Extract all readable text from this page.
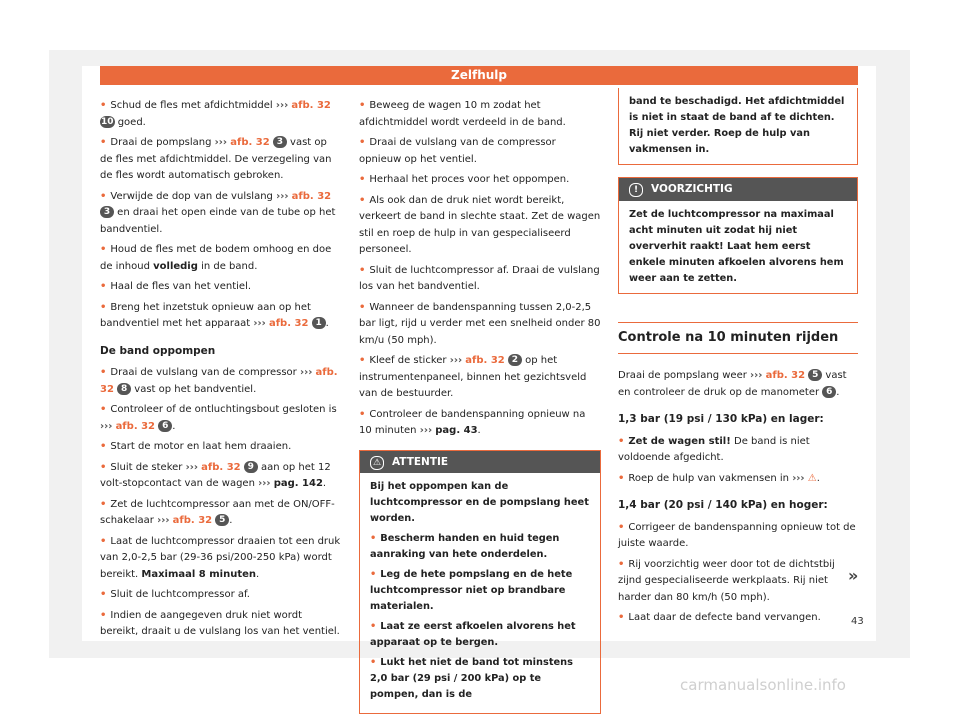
Zelfhulp

• Schud de fles met afdichtmiddel ››› afb. 32 10 goed.

• Draai de pompslang ››› afb. 32 3 vast op de fles met afdichtmiddel. De verzegeling van de fles wordt automatisch gebroken.

• Verwijde de dop van de vulslang ››› afb. 32 3 en draai het open einde van de tube op het bandventiel.

• Houd de fles met de bodem omhoog en doe de inhoud volledig in de band.

• Haal de fles van het ventiel.

• Breng het inzetstuk opnieuw aan op het bandventiel met het apparaat ››› afb. 32 1 .

De band oppompen

• Draai de vulslang van de compressor ››› afb. 32 8 vast op het bandventiel.

• Controleer of de ontluchtingsbout gesloten is ››› afb. 32 6 .

• Start de motor en laat hem draaien.

• Sluit de steker ››› afb. 32 9 aan op het 12 volt-stopcontact van de wagen ››› pag. 142.

• Zet de luchtcompressor aan met de ON/OFF-schakelaar ››› afb. 32 5 .

• Laat de luchtcompressor draaien tot een druk van 2,0-2,5 bar (29-36 psi/200-250 kPa) wordt bereikt. Maximaal 8 minuten.

• Sluit de luchtcompressor af.

• Indien de aangegeven druk niet wordt bereikt, draait u de vulslang los van het ventiel.

• Beweeg de wagen 10 m zodat het afdichtmiddel wordt verdeeld in de band.

• Draai de vulslang van de compressor opnieuw op het ventiel.

• Herhaal het proces voor het oppompen.

• Als ook dan de druk niet wordt bereikt, verkeert de band in slechte staat. Zet de wagen stil en roep de hulp in van gespecialiseerd personeel.

• Sluit de luchtcompressor af. Draai de vulslang los van het bandventiel.

• Wanneer de bandenspanning tussen 2,0-2,5 bar ligt, rijd u verder met een snelheid onder 80 km/u (50 mph).

• Kleef de sticker ››› afb. 32 2 op het instrumentenpaneel, binnen het gezichtsveld van de bestuurder.

• Controleer de bandenspanning opnieuw na 10 minuten ››› pag. 43.

⚠ ATTENTIE

Bij het oppompen kan de luchtcompressor en de pompslang heet worden.

• Bescherm handen en huid tegen aanraking van hete onderdelen.

• Leg de hete pompslang en de hete luchtcompressor niet op brandbare materialen.

• Laat ze eerst afkoelen alvorens het apparaat op te bergen.

• Lukt het niet de band tot minstens 2,0 bar (29 psi / 200 kPa) op te pompen, dan is de

band te beschadigd. Het afdichtmiddel is niet in staat de band af te dichten. Rij niet verder. Roep de hulp van vakmensen in.
! VOORZICHTIG
Zet de luchtcompressor na maximaal acht minuten uit zodat hij niet oververhit raakt! Laat hem eerst enkele minuten afkoelen alvorens hem weer aan te zetten.
Controle na 10 minuten rijden

Draai de pompslang weer ››› afb. 32 5 vast en controleer de druk op de manometer 6 .

1,3 bar (19 psi / 130 kPa) en lager:

• Zet de wagen stil! De band is niet voldoende afgedicht.

• Roep de hulp van vakmensen in ››› ⚠.

1,4 bar (20 psi / 140 kPa) en hoger:

• Corrigeer de bandenspanning opnieuw tot de juiste waarde.

• Rij voorzichtig weer door tot de dichtstbij zijnd gespecialiseerde werkplaats. Rij niet harder dan 80 km/h (50 mph).

• Laat daar de defecte band vervangen.

»
43
carmanualsonline.info
